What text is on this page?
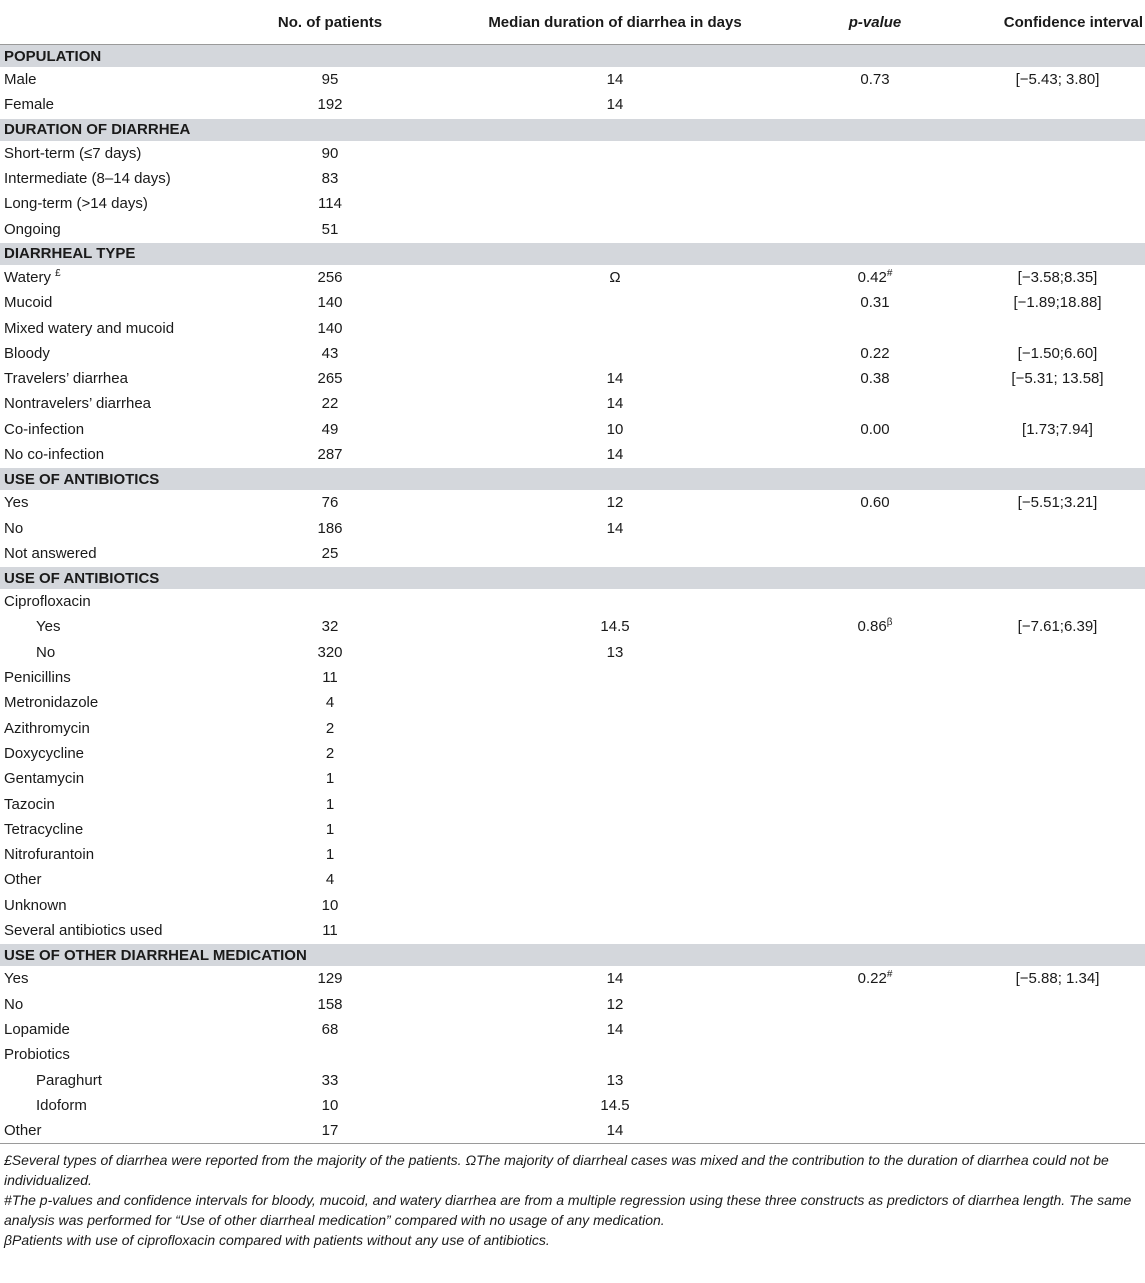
	No. of patients	Median duration of diarrhea in days	p-value	Confidence interval
POPULATION				
Male	95	14	0.73	[−5.43; 3.80]
Female	192	14		
DURATION OF DIARRHEA				
Short-term (≤7 days)	90			
Intermediate (8–14 days)	83			
Long-term (>14 days)	114			
Ongoing	51			
DIARRHEAL TYPE				
Watery £	256	Ω	0.42#	[−3.58;8.35]
Mucoid	140		0.31	[−1.89;18.88]
Mixed watery and mucoid	140			
Bloody	43		0.22	[−1.50;6.60]
Travelers’ diarrhea	265	14	0.38	[−5.31; 13.58]
Nontravelers’ diarrhea	22	14		
Co-infection	49	10	0.00	[1.73;7.94]
No co-infection	287	14		
USE OF ANTIBIOTICS				
Yes	76	12	0.60	[−5.51;3.21]
No	186	14		
Not answered	25			
USE OF ANTIBIOTICS				
Ciprofloxacin				
Yes	32	14.5	$0.86^\beta$	[−7.61;6.39]
No	320	13		
Penicillins	11			
Metronidazole	4			
Azithromycin	2			
Doxycycline	2			
Gentamycin	1			
Tazocin	1			
Tetracycline	1			
Nitrofurantoin	1			
Other	4			
Unknown	10			
Several antibiotics used	11			
USE OF OTHER DIARRHEAL MEDICATION				
Yes	129	14	0.22#	[−5.88; 1.34]
No	158	12		
Lopamide	68	14		
Probiotics				
Paraghurt	33	13		
Idoform	10	14.5		
Other	17	14		

£Several types of diarrhea were reported from the majority of the patients. ΩThe majority of diarrheal cases was mixed and the contribution to the duration of diarrhea could not be individualized.

#The p-values and confidence intervals for bloody, mucoid, and watery diarrhea are from a multiple regression using these three constructs as predictors of diarrhea length. The same analysis was performed for “Use of other diarrheal medication” compared with no usage of any medication.

βPatients with use of ciprofloxacin compared with patients without any use of antibiotics.
